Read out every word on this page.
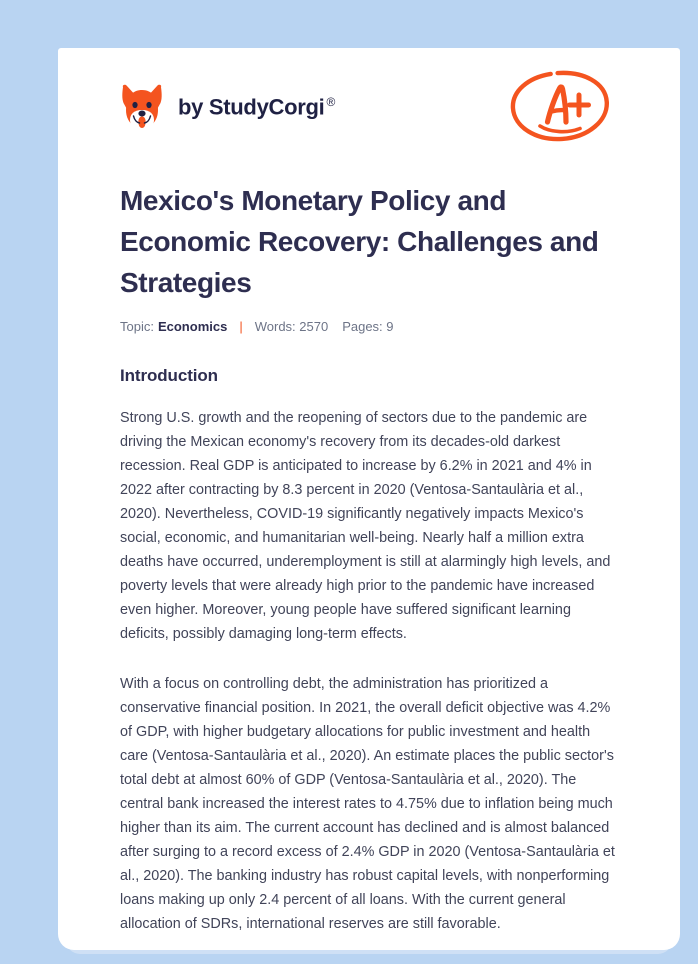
by StudyCorgi ®
Mexico's Monetary Policy and Economic Recovery: Challenges and Strategies
Topic: Economics | Words: 2570 Pages: 9
Introduction

Strong U.S. growth and the reopening of sectors due to the pandemic are driving the Mexican economy's recovery from its decades-old darkest recession. Real GDP is anticipated to increase by 6.2% in 2021 and 4% in 2022 after contracting by 8.3 percent in 2020 (Ventosa-Santaulària et al., 2020). Nevertheless, COVID-19 significantly negatively impacts Mexico's social, economic, and humanitarian well-being. Nearly half a million extra deaths have occurred, underemployment is still at alarmingly high levels, and poverty levels that were already high prior to the pandemic have increased even higher. Moreover, young people have suffered significant learning deficits, possibly damaging long-term effects.

With a focus on controlling debt, the administration has prioritized a conservative financial position. In 2021, the overall deficit objective was 4.2% of GDP, with higher budgetary allocations for public investment and health care (Ventosa-Santaulària et al., 2020). An estimate places the public sector's total debt at almost 60% of GDP (Ventosa-Santaulària et al., 2020). The central bank increased the interest rates to 4.75% due to inflation being much higher than its aim. The current account has declined and is almost balanced after surging to a record excess of 2.4% GDP in 2020 (Ventosa-Santaulària et al., 2020). The banking industry has robust capital levels, with nonperforming loans making up only 2.4 percent of all loans. With the current general allocation of SDRs, international reserves are still favorable.
